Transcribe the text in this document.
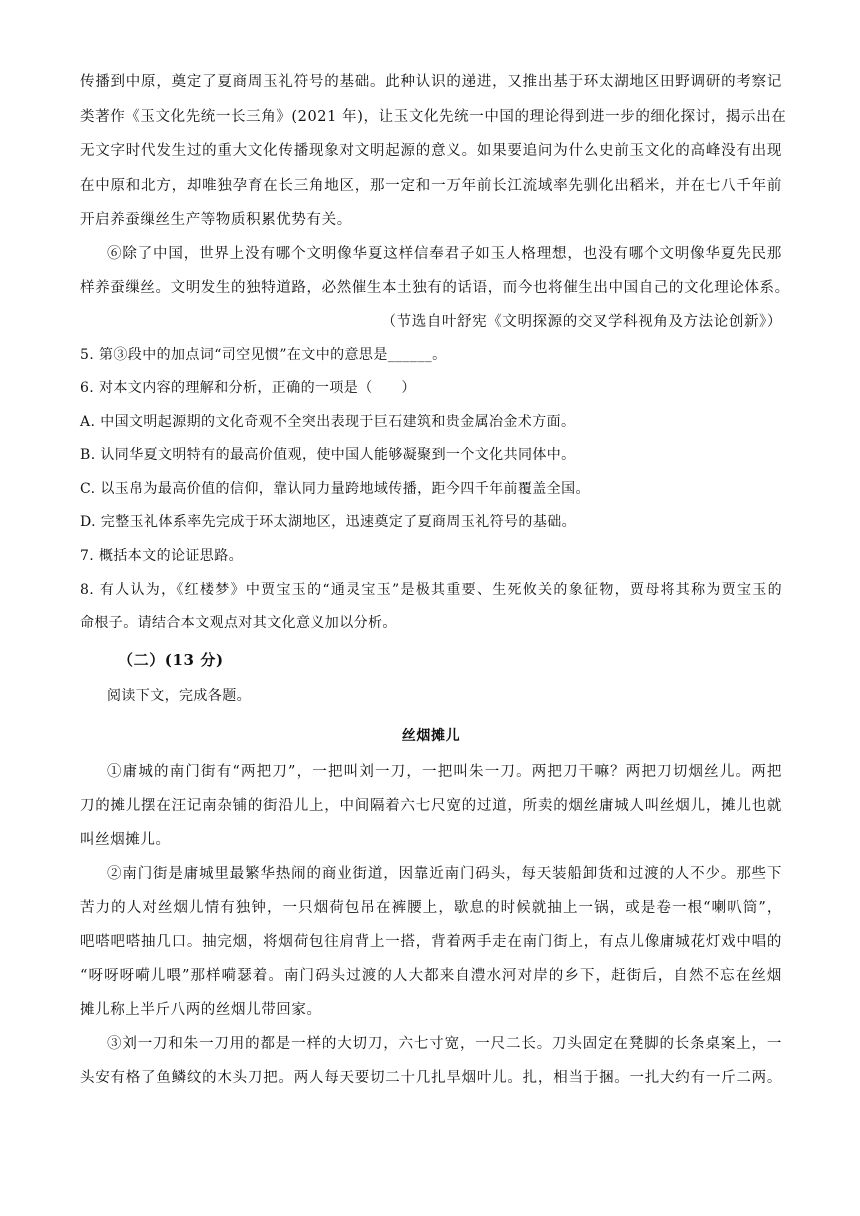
传播到中原，奠定了夏商周玉礼符号的基础。此种认识的递进，又推出基于环太湖地区田野调研的考察记
类著作《玉文化先统一长三角》(2021 年)，让玉文化先统一中国的理论得到进一步的细化探讨，揭示出在
无文字时代发生过的重大文化传播现象对文明起源的意义。如果要追问为什么史前玉文化的高峰没有出现
在中原和北方，却唯独孕育在长三角地区，那一定和一万年前长江流域率先驯化出稻米，并在七八千年前
开启养蚕缫丝生产等物质积累优势有关。
⑥除了中国，世界上没有哪个文明像华夏这样信奉君子如玉人格理想，也没有哪个文明像华夏先民那
样养蚕缫丝。文明发生的独特道路，必然催生本土独有的话语，而今也将催生出中国自己的文化理论体系。
（节选自叶舒宪《文明探源的交叉学科视角及方法论创新》）
5. 第③段中的加点词“司空见惯”在文中的意思是______。
6. 对本文内容的理解和分析，正确的一项是（　　）
A. 中国文明起源期的文化奇观不全突出表现于巨石建筑和贵金属冶金术方面。
B. 认同华夏文明特有的最高价值观，使中国人能够凝聚到一个文化共同体中。
C. 以玉帛为最高价值的信仰，靠认同力量跨地域传播，距今四千年前覆盖全国。
D. 完整玉礼体系率先完成于环太湖地区，迅速奠定了夏商周玉礼符号的基础。
7. 概括本文的论证思路。
8. 有人认为，《红楼梦》中贾宝玉的“通灵宝玉”是极其重要、生死攸关的象征物，贾母将其称为贾宝玉的
命根子。请结合本文观点对其文化意义加以分析。
（二）(13 分)
阅读下文，完成各题。
丝烟摊儿
①庸城的南门街有“两把刀”，一把叫刘一刀，一把叫朱一刀。两把刀干嘛？两把刀切烟丝儿。两把
刀的摊儿摆在汪记南杂铺的街沿儿上，中间隔着六七尺宽的过道，所卖的烟丝庸城人叫丝烟儿，摊儿也就
叫丝烟摊儿。
②南门街是庸城里最繁华热闹的商业街道，因靠近南门码头，每天装船卸货和过渡的人不少。那些下
苦力的人对丝烟儿情有独钟，一只烟荷包吊在裤腰上，歇息的时候就抽上一锅，或是卷一根“喇叭筒”，
吧嗒吧嗒抽几口。抽完烟，将烟荷包往肩背上一搭，背着两手走在南门街上，有点儿像庸城花灯戏中唱的
“呀呀呀嗬儿喂”那样嗬瑟着。南门码头过渡的人大都来自澧水河对岸的乡下，赶街后，自然不忘在丝烟
摊儿称上半斤八两的丝烟儿带回家。
③刘一刀和朱一刀用的都是一样的大切刀，六七寸宽，一尺二长。刀头固定在凳脚的长条桌案上，一
头安有格了鱼鳞纹的木头刀把。两人每天要切二十几扎旱烟叶儿。扎，相当于捆。一扎大约有一斤二两。
